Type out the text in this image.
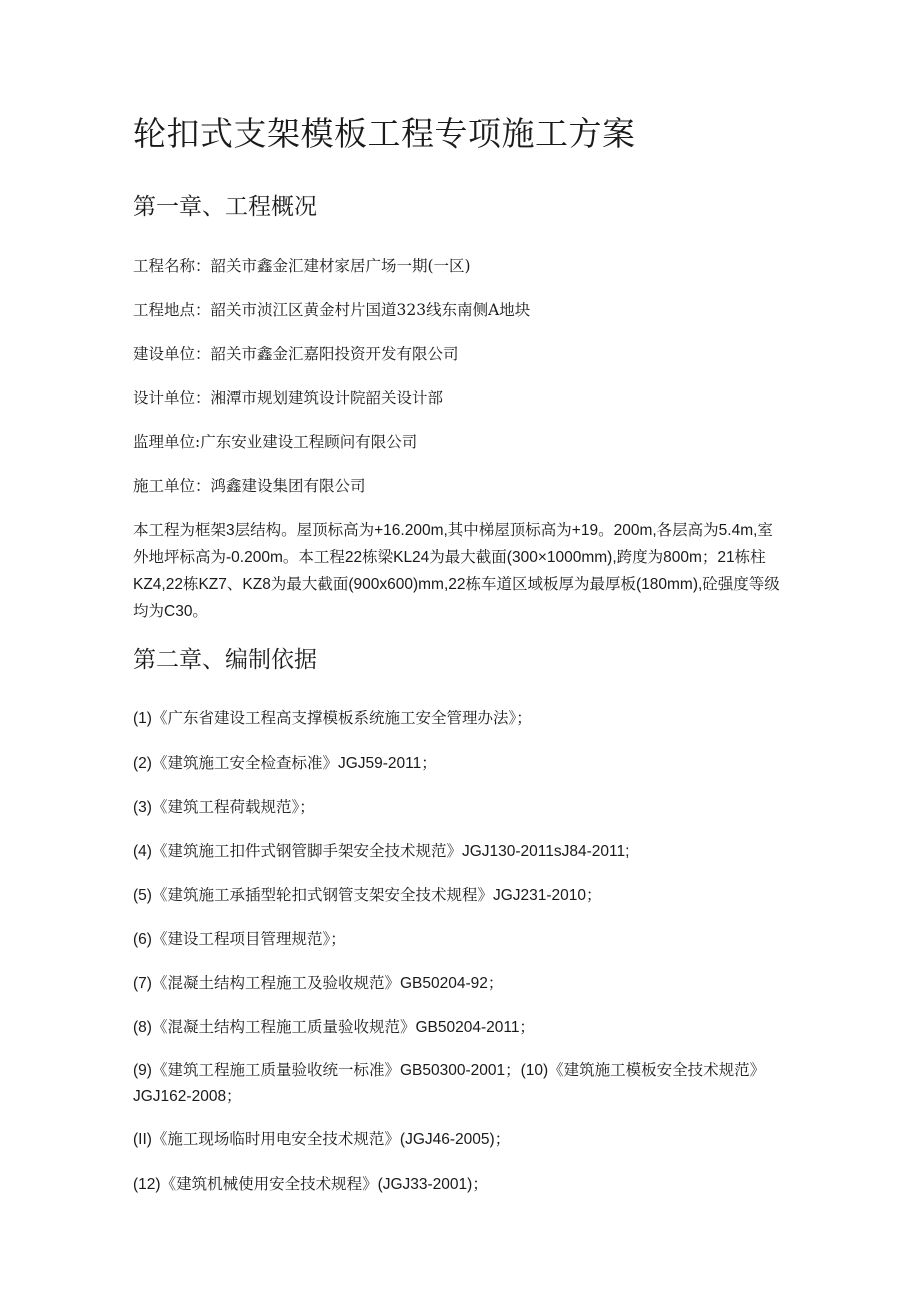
轮扣式支架模板工程专项施工方案
第一章、工程概况

工程名称：韶关市鑫金汇建材家居广场一期(一区)

工程地点：韶关市浈江区黄金村片国道323线东南侧A地块

建设单位：韶关市鑫金汇嘉阳投资开发有限公司

设计单位：湘潭市规划建筑设计院韶关设计部

监理单位:广东安业建设工程顾问有限公司

施工单位：鸿鑫建设集团有限公司

本工程为框架3层结构。屋顶标高为+16.200m,其中梯屋顶标高为+19。200m,各层高为5.4m,室外地坪标高为-0.200m。本工程22栋梁KL24为最大截面(300×1000mm),跨度为800m；21栋柱KZ4,22栋KZ7、KZ8为最大截面(900x600)mm,22栋车道区域板厚为最厚板(180mm),砼强度等级均为C30。

第二章、编制依据

(1)《广东省建设工程高支撑模板系统施工安全管理办法》；

(2)《建筑施工安全检查标准》JGJ59-2011；

(3)《建筑工程荷载规范》；

(4)《建筑施工扣件式钢管脚手架安全技术规范》JGJ130-2011sJ84-2011;

(5)《建筑施工承插型轮扣式钢管支架安全技术规程》JGJ231-2010；

(6)《建设工程项目管理规范》；

(7)《混凝土结构工程施工及验收规范》GB50204-92；

(8)《混凝土结构工程施工质量验收规范》GB50204-2011；

(9)《建筑工程施工质量验收统一标准》GB50300-2001；(10)《建筑施工模板安全技术规范》JGJ162-2008；

(II)《施工现场临时用电安全技术规范》(JGJ46-2005)；

(12)《建筑机械使用安全技术规程》(JGJ33-2001)；
